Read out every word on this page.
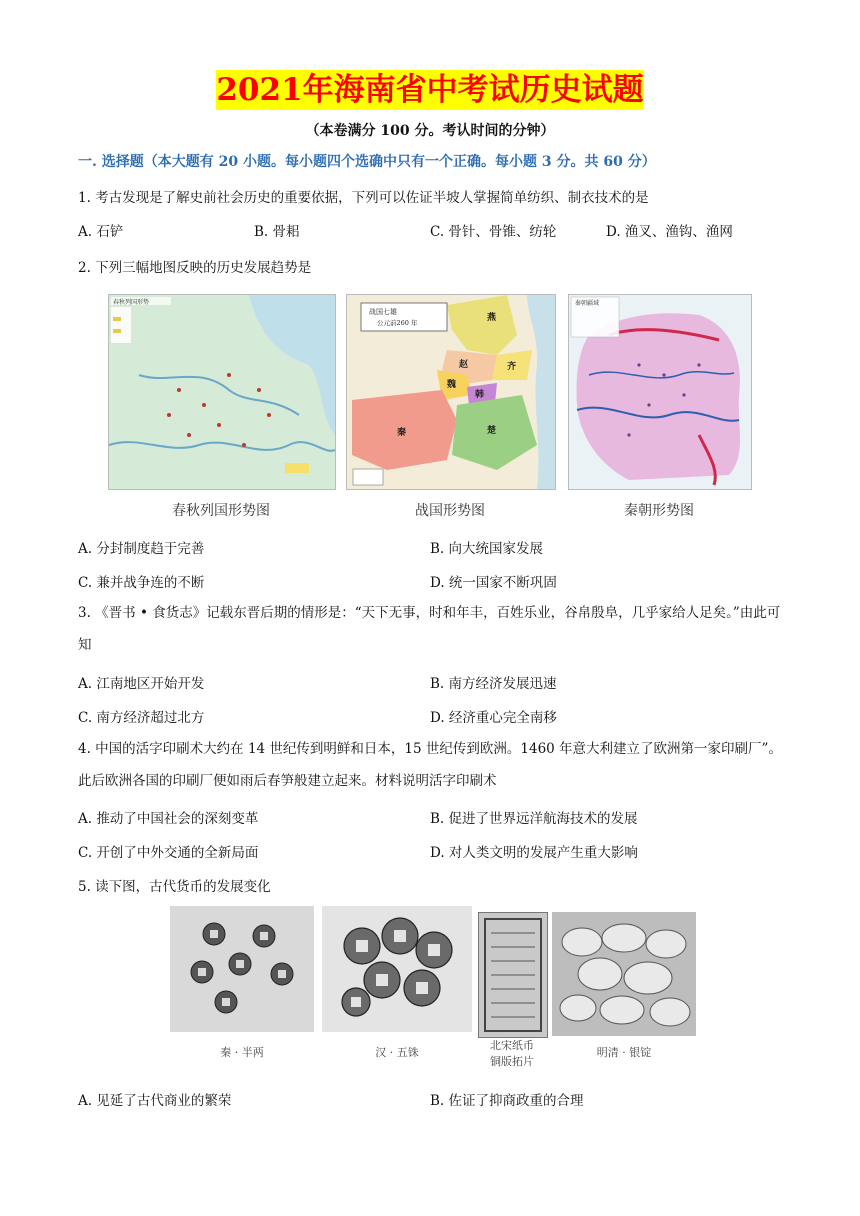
2021年海南省中考试历史试题
（本卷满分 100 分。考认时间的分钟）
一. 选择题（本大题有 20 小题。每小题四个选确中只有一个正确。每小题 3 分。共 60 分）
1. 考古发现是了解史前社会历史的重要依据，下列可以佐证半坡人掌握简单纺织、制衣技术的是
A. 石铲	B. 骨耜	C. 骨针、骨锥、纺轮	D. 渔叉、渔钩、渔网
2. 下列三幅地图反映的历史发展趋势是
春秋列国形势
战国七雄
公元前260 年	燕
赵	齐
魏
韩
秦	楚
秦朝疆域
春秋列国形势图	战国形势图	秦朝形势图
A. 分封制度趋于完善	B. 向大统国家发展
C. 兼并战争连的不断	D. 统一国家不断巩固
3. 《晋书 • 食货志》记载东晋后期的情形是：“天下无事，时和年丰，百姓乐业，谷帛殷阜，几乎家给人足矣。”由此可知
A. 江南地区开始开发	B. 南方经济发展迅速
C. 南方经济超过北方	D. 经济重心完全南移
4. 中国的活字印刷术大约在 14 世纪传到明鲜和日本，15 世纪传到欧洲。1460 年意大利建立了欧洲第一家印刷厂”。此后欧洲各国的印刷厂便如雨后春笋般建立起来。材料说明活字印刷术
A. 推动了中国社会的深刻变革	B. 促进了世界远洋航海技术的发展
C. 开创了中外交通的全新局面	D. 对人类文明的发展产生重大影响
5. 读下图，古代货币的发展变化
秦 · 半两	汉 · 五铢
北宋纸币
铜版拓片
明清 · 银锭
A. 见延了古代商业的繁荣	B. 佐证了抑商政重的合理
